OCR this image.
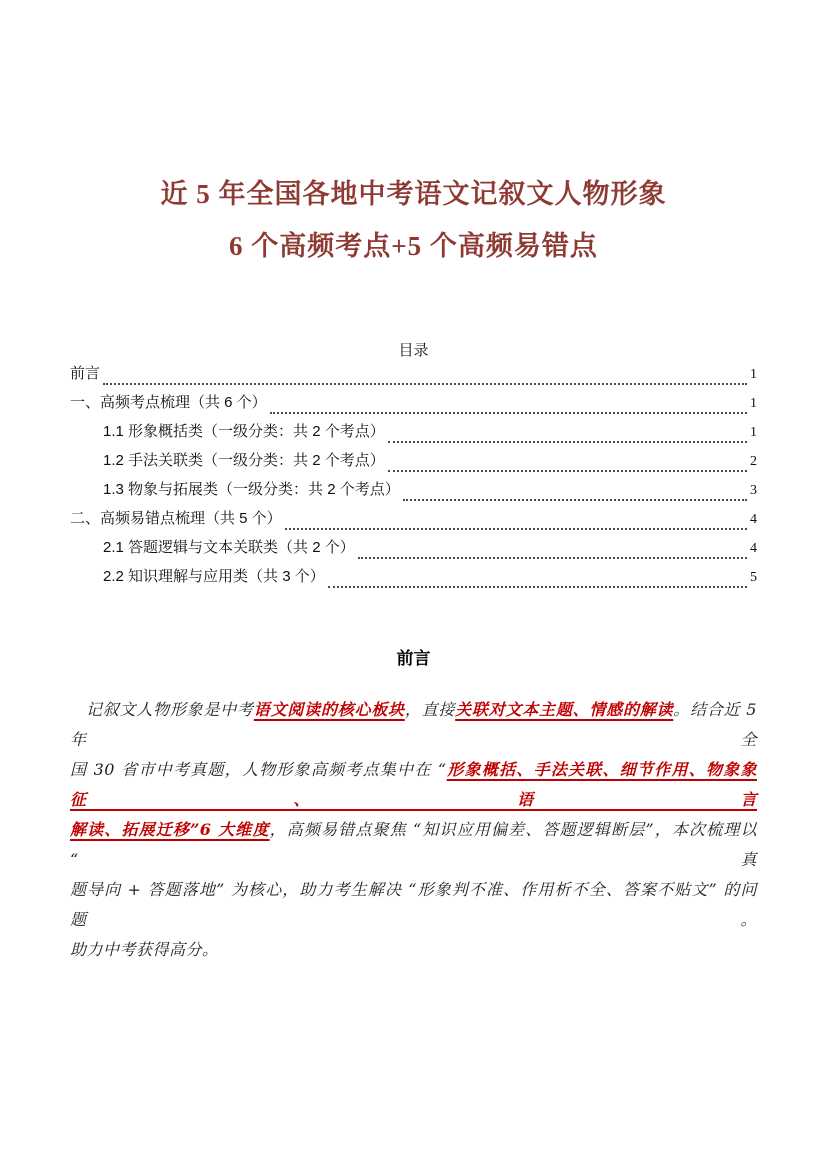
近 5 年全国各地中考语文记叙文人物形象
6 个高频考点+5 个高频易错点
目录
前言	1
一、高频考点梳理（共 6 个）	1
1.1 形象概括类（一级分类：共 2 个考点）	1
1.2 手法关联类（一级分类：共 2 个考点）	2
1.3 物象与拓展类（一级分类：共 2 个考点）	3
二、高频易错点梳理（共 5 个）	4
2.1 答题逻辑与文本关联类（共 2 个）	4
2.2 知识理解与应用类（共 3 个）	5
前言
记叙文人物形象是中考语文阅读的核心板块，直接关联对文本主题、情感的解读。结合近 5 年全
国 30 省市中考真题，人物形象高频考点集中在 “形象概括、手法关联、细节作用、物象象征、语言
解读、拓展迁移”6 大维度，高频易错点聚焦 “知识应用偏差、答题逻辑断层”，本次梳理以 “真
题导向 + 答题落地” 为核心，助力考生解决 “形象判不准、作用析不全、答案不贴文” 的问题。
助力中考获得高分。
